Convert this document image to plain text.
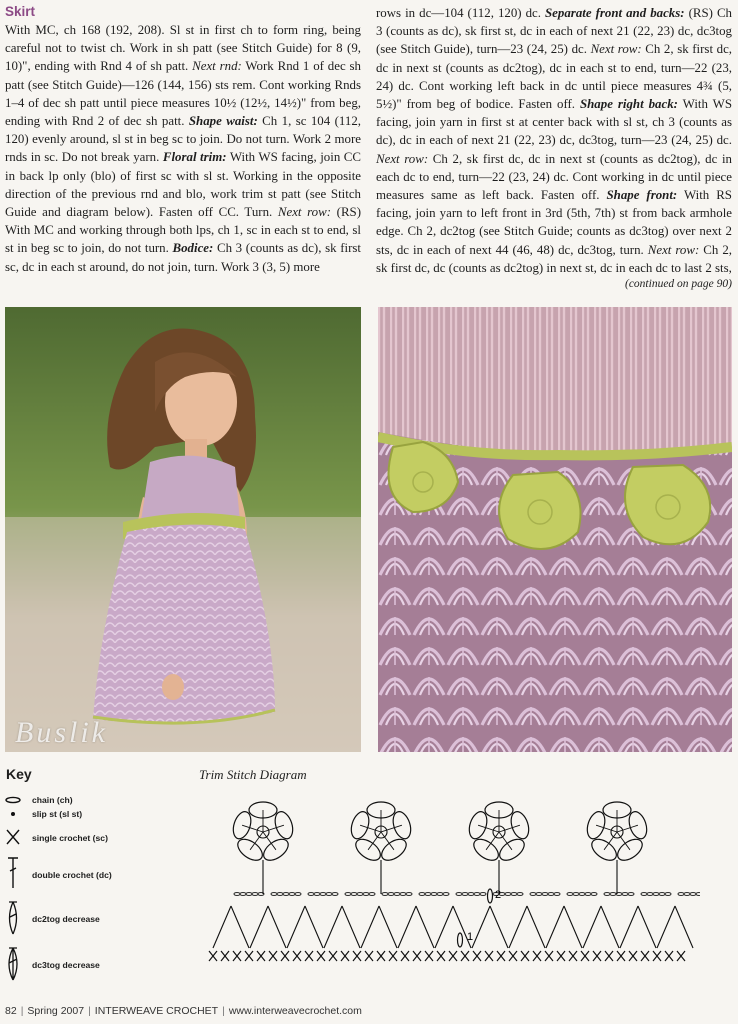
Skirt

With MC, ch 168 (192, 208). Sl st in first ch to form ring, being careful not to twist ch. Work in sh patt (see Stitch Guide) for 8 (9, 10)", ending with Rnd 4 of sh patt. Next rnd: Work Rnd 1 of dec sh patt (see Stitch Guide)—126 (144, 156) sts rem. Cont working Rnds 1–4 of dec sh patt until piece measures 10½ (12½, 14½)" from beg, ending with Rnd 2 of dec sh patt. Shape waist: Ch 1, sc 104 (112, 120) evenly around, sl st in beg sc to join. Do not turn. Work 2 more rnds in sc. Do not break yarn. Floral trim: With WS facing, join CC in back lp only (blo) of first sc with sl st. Working in the opposite direction of the previous rnd and blo, work trim st patt (see Stitch Guide and diagram below). Fasten off CC. Turn. Next row: (RS) With MC and working through both lps, ch 1, sc in each st to end, sl st in beg sc to join, do not turn. Bodice: Ch 3 (counts as dc), sk first sc, dc in each st around, do not join, turn. Work 3 (3, 5) more

rows in dc—104 (112, 120) dc. Separate front and backs: (RS) Ch 3 (counts as dc), sk first st, dc in each of next 21 (22, 23) dc, dc3tog (see Stitch Guide), turn—23 (24, 25) dc. Next row: Ch 2, sk first dc, dc in next st (counts as dc2tog), dc in each st to end, turn—22 (23, 24) dc. Cont working left back in dc until piece measures 4¾ (5, 5½)" from beg of bodice. Fasten off. Shape right back: With WS facing, join yarn in first st at center back with sl st, ch 3 (counts as dc), dc in each of next 21 (22, 23) dc, dc3tog, turn—23 (24, 25) dc. Next row: Ch 2, sk first dc, dc in next st (counts as dc2tog), dc in each dc to end, turn—22 (23, 24) dc. Cont working in dc until piece measures same as left back. Fasten off. Shape front: With RS facing, join yarn to left front in 3rd (5th, 7th) st from back armhole edge. Ch 2, dc2tog (see Stitch Guide; counts as dc3tog) over next 2 sts, dc in each of next 44 (46, 48) dc, dc3tog, turn. Next row: Ch 2, sk first dc, dc (counts as dc2tog) in next st, dc in each dc to last 2 sts,

(continued on page 90)
Buslik
Key
chain (ch)
slip st (sl st)
single crochet (sc)
double crochet (dc)
dc2tog decrease
dc3tog decrease
Trim Stitch Diagram
1
2
82 | Spring 2007 | INTERWEAVE CROCHET | www.interweavecrochet.com
